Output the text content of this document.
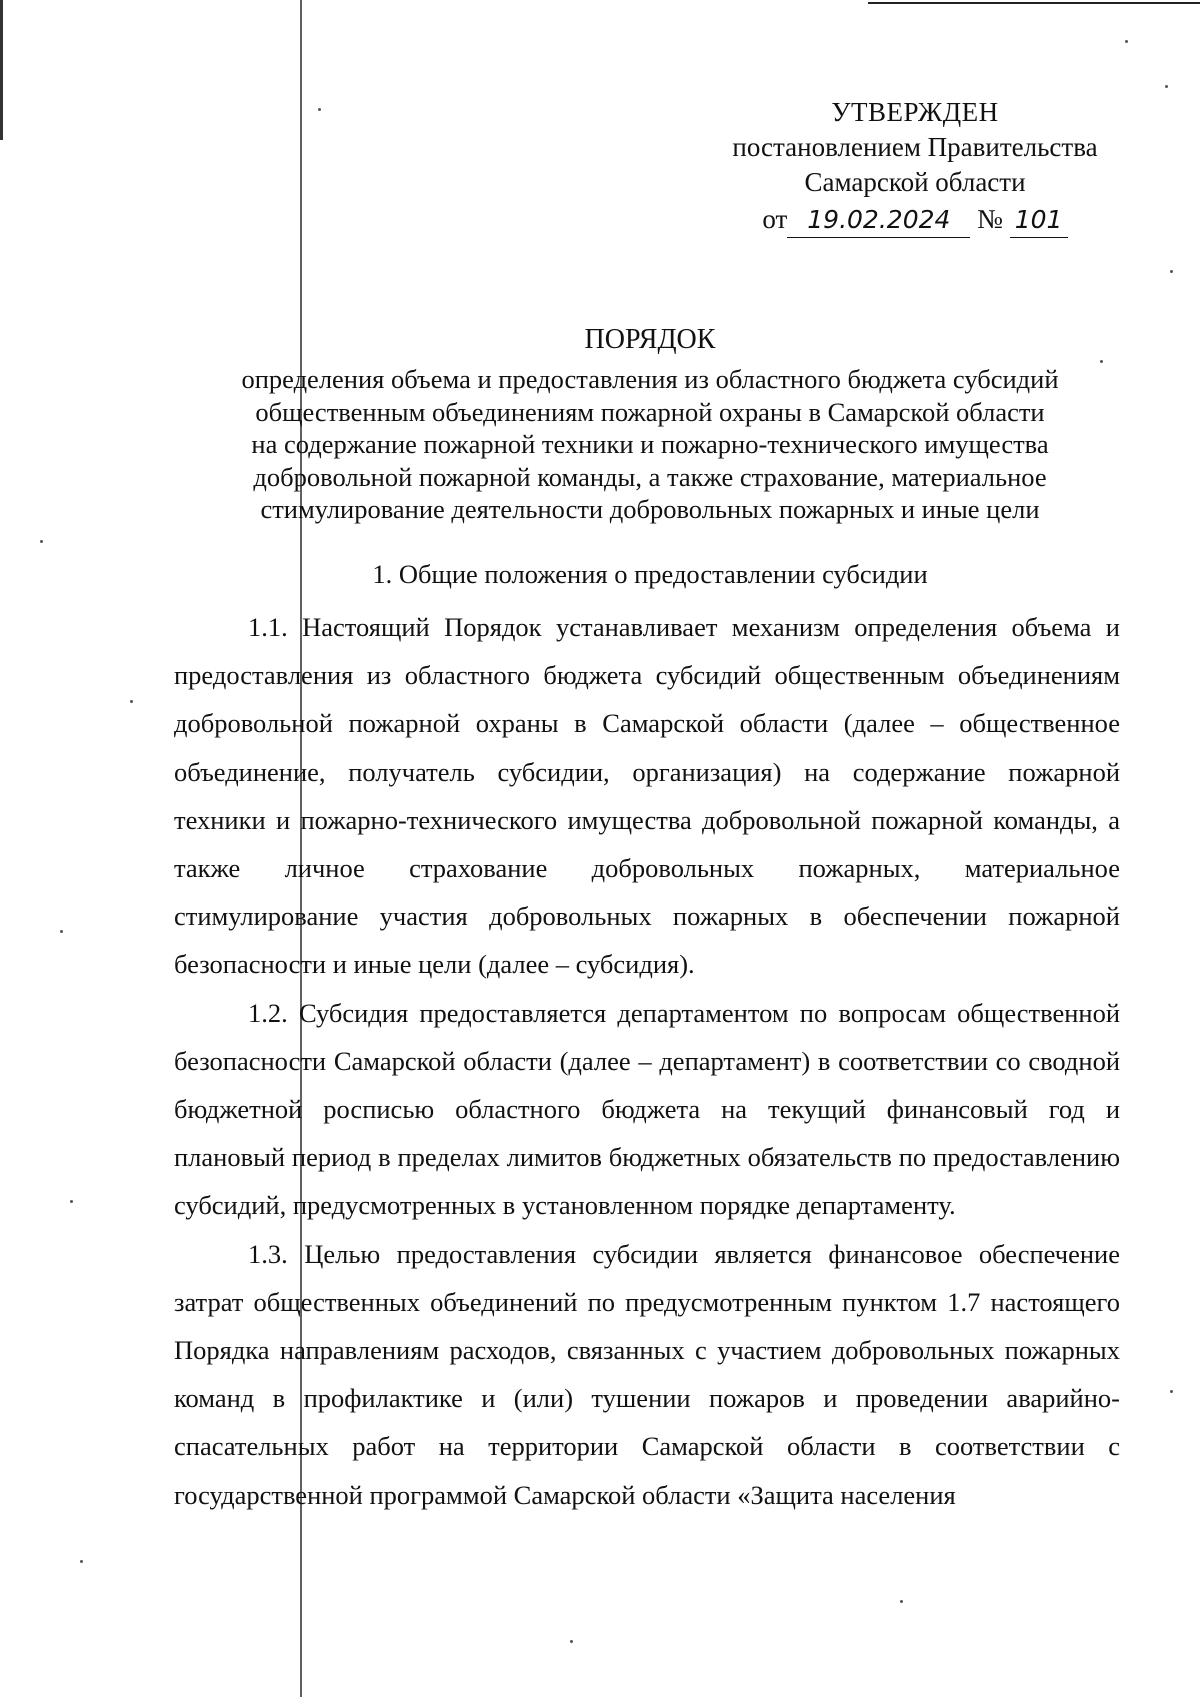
УТВЕРЖДЕН
постановлением Правительства
Самарской области
от 19.02.2024 № 101
ПОРЯДОК
определения объема и предоставления из областного бюджета субсидий
общественным объединениям пожарной охраны в Самарской области
на содержание пожарной техники и пожарно-технического имущества
добровольной пожарной команды, а также страхование, материальное
стимулирование деятельности добровольных пожарных и иные цели
1. Общие положения о предоставлении субсидии

1.1. Настоящий Порядок устанавливает механизм определения объема и предоставления из областного бюджета субсидий общественным объединениям добровольной пожарной охраны в Самарской области (далее – общественное объединение, получатель субсидии, организация) на содержание пожарной техники и пожарно-технического имущества добровольной пожарной команды, а также личное страхование добровольных пожарных, материальное стимулирование участия добровольных пожарных в обеспечении пожарной безопасности и иные цели (далее – субсидия).

1.2. Субсидия предоставляется департаментом по вопросам общественной безопасности Самарской области (далее – департамент) в соответствии со сводной бюджетной росписью областного бюджета на текущий финансовый год и плановый период в пределах лимитов бюджетных обязательств по предоставлению субсидий, предусмотренных в установленном порядке департаменту.

1.3. Целью предоставления субсидии является финансовое обеспечение затрат общественных объединений по предусмотренным пунктом 1.7 настоящего Порядка направлениям расходов, связанных с участием добровольных пожарных команд в профилактике и (или) тушении пожаров и проведении аварийно-спасательных работ на территории Самарской области в соответствии с государственной программой Самарской области «Защита населения
